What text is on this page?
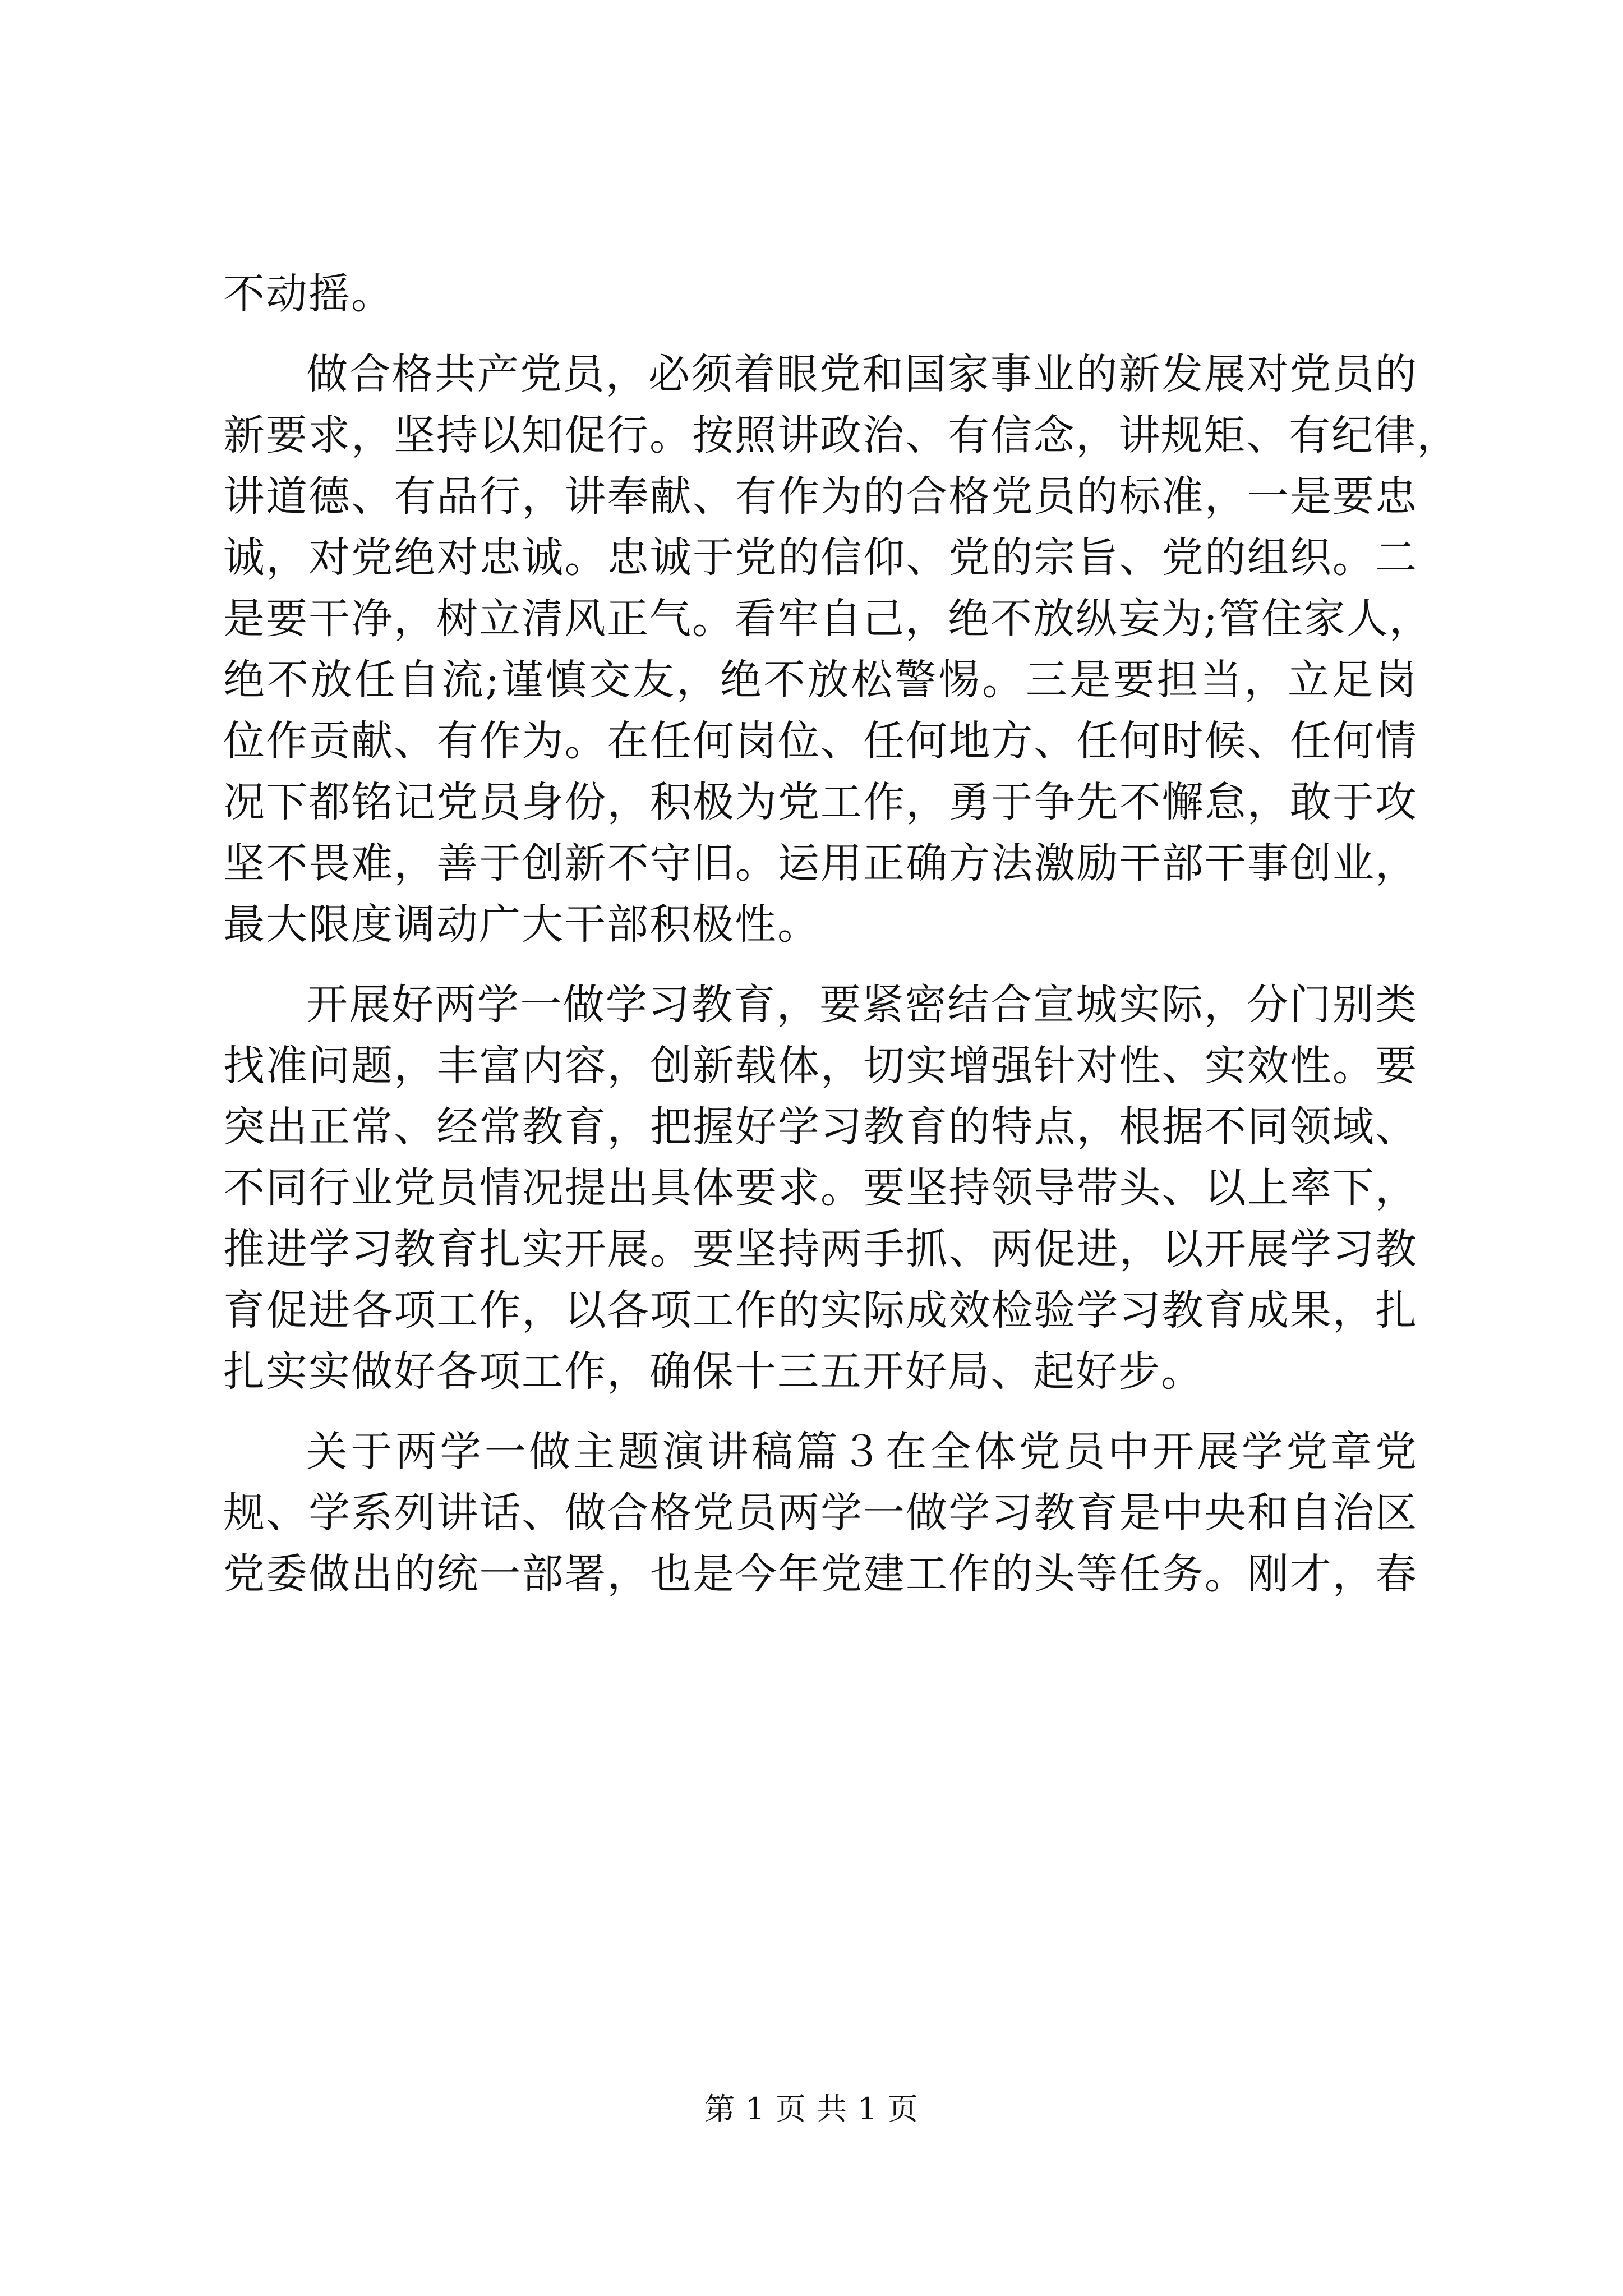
不动摇。
做合格共产党员，必须着眼党和国家事业的新发展对党员的
新要求，坚持以知促行。按照讲政治、有信念，讲规矩、有纪律，
讲道德、有品行，讲奉献、有作为的合格党员的标准，一是要忠
诚，对党绝对忠诚。忠诚于党的信仰、党的宗旨、党的组织。二
是要干净，树立清风正气。看牢自己，绝不放纵妄为;管住家人，
绝不放任自流;谨慎交友，绝不放松警惕。三是要担当，立足岗
位作贡献、有作为。在任何岗位、任何地方、任何时候、任何情
况下都铭记党员身份，积极为党工作，勇于争先不懈怠，敢于攻
坚不畏难，善于创新不守旧。运用正确方法激励干部干事创业，
最大限度调动广大干部积极性。
开展好两学一做学习教育，要紧密结合宣城实际，分门别类
找准问题，丰富内容，创新载体，切实增强针对性、实效性。要
突出正常、经常教育，把握好学习教育的特点，根据不同领域、
不同行业党员情况提出具体要求。要坚持领导带头、以上率下，
推进学习教育扎实开展。要坚持两手抓、两促进，以开展学习教
育促进各项工作，以各项工作的实际成效检验学习教育成果，扎
扎实实做好各项工作，确保十三五开好局、起好步。
关于两学一做主题演讲稿篇３在全体党员中开展学党章党
规、学系列讲话、做合格党员两学一做学习教育是中央和自治区
党委做出的统一部署，也是今年党建工作的头等任务。刚才，春
第 1 页 共 1 页
